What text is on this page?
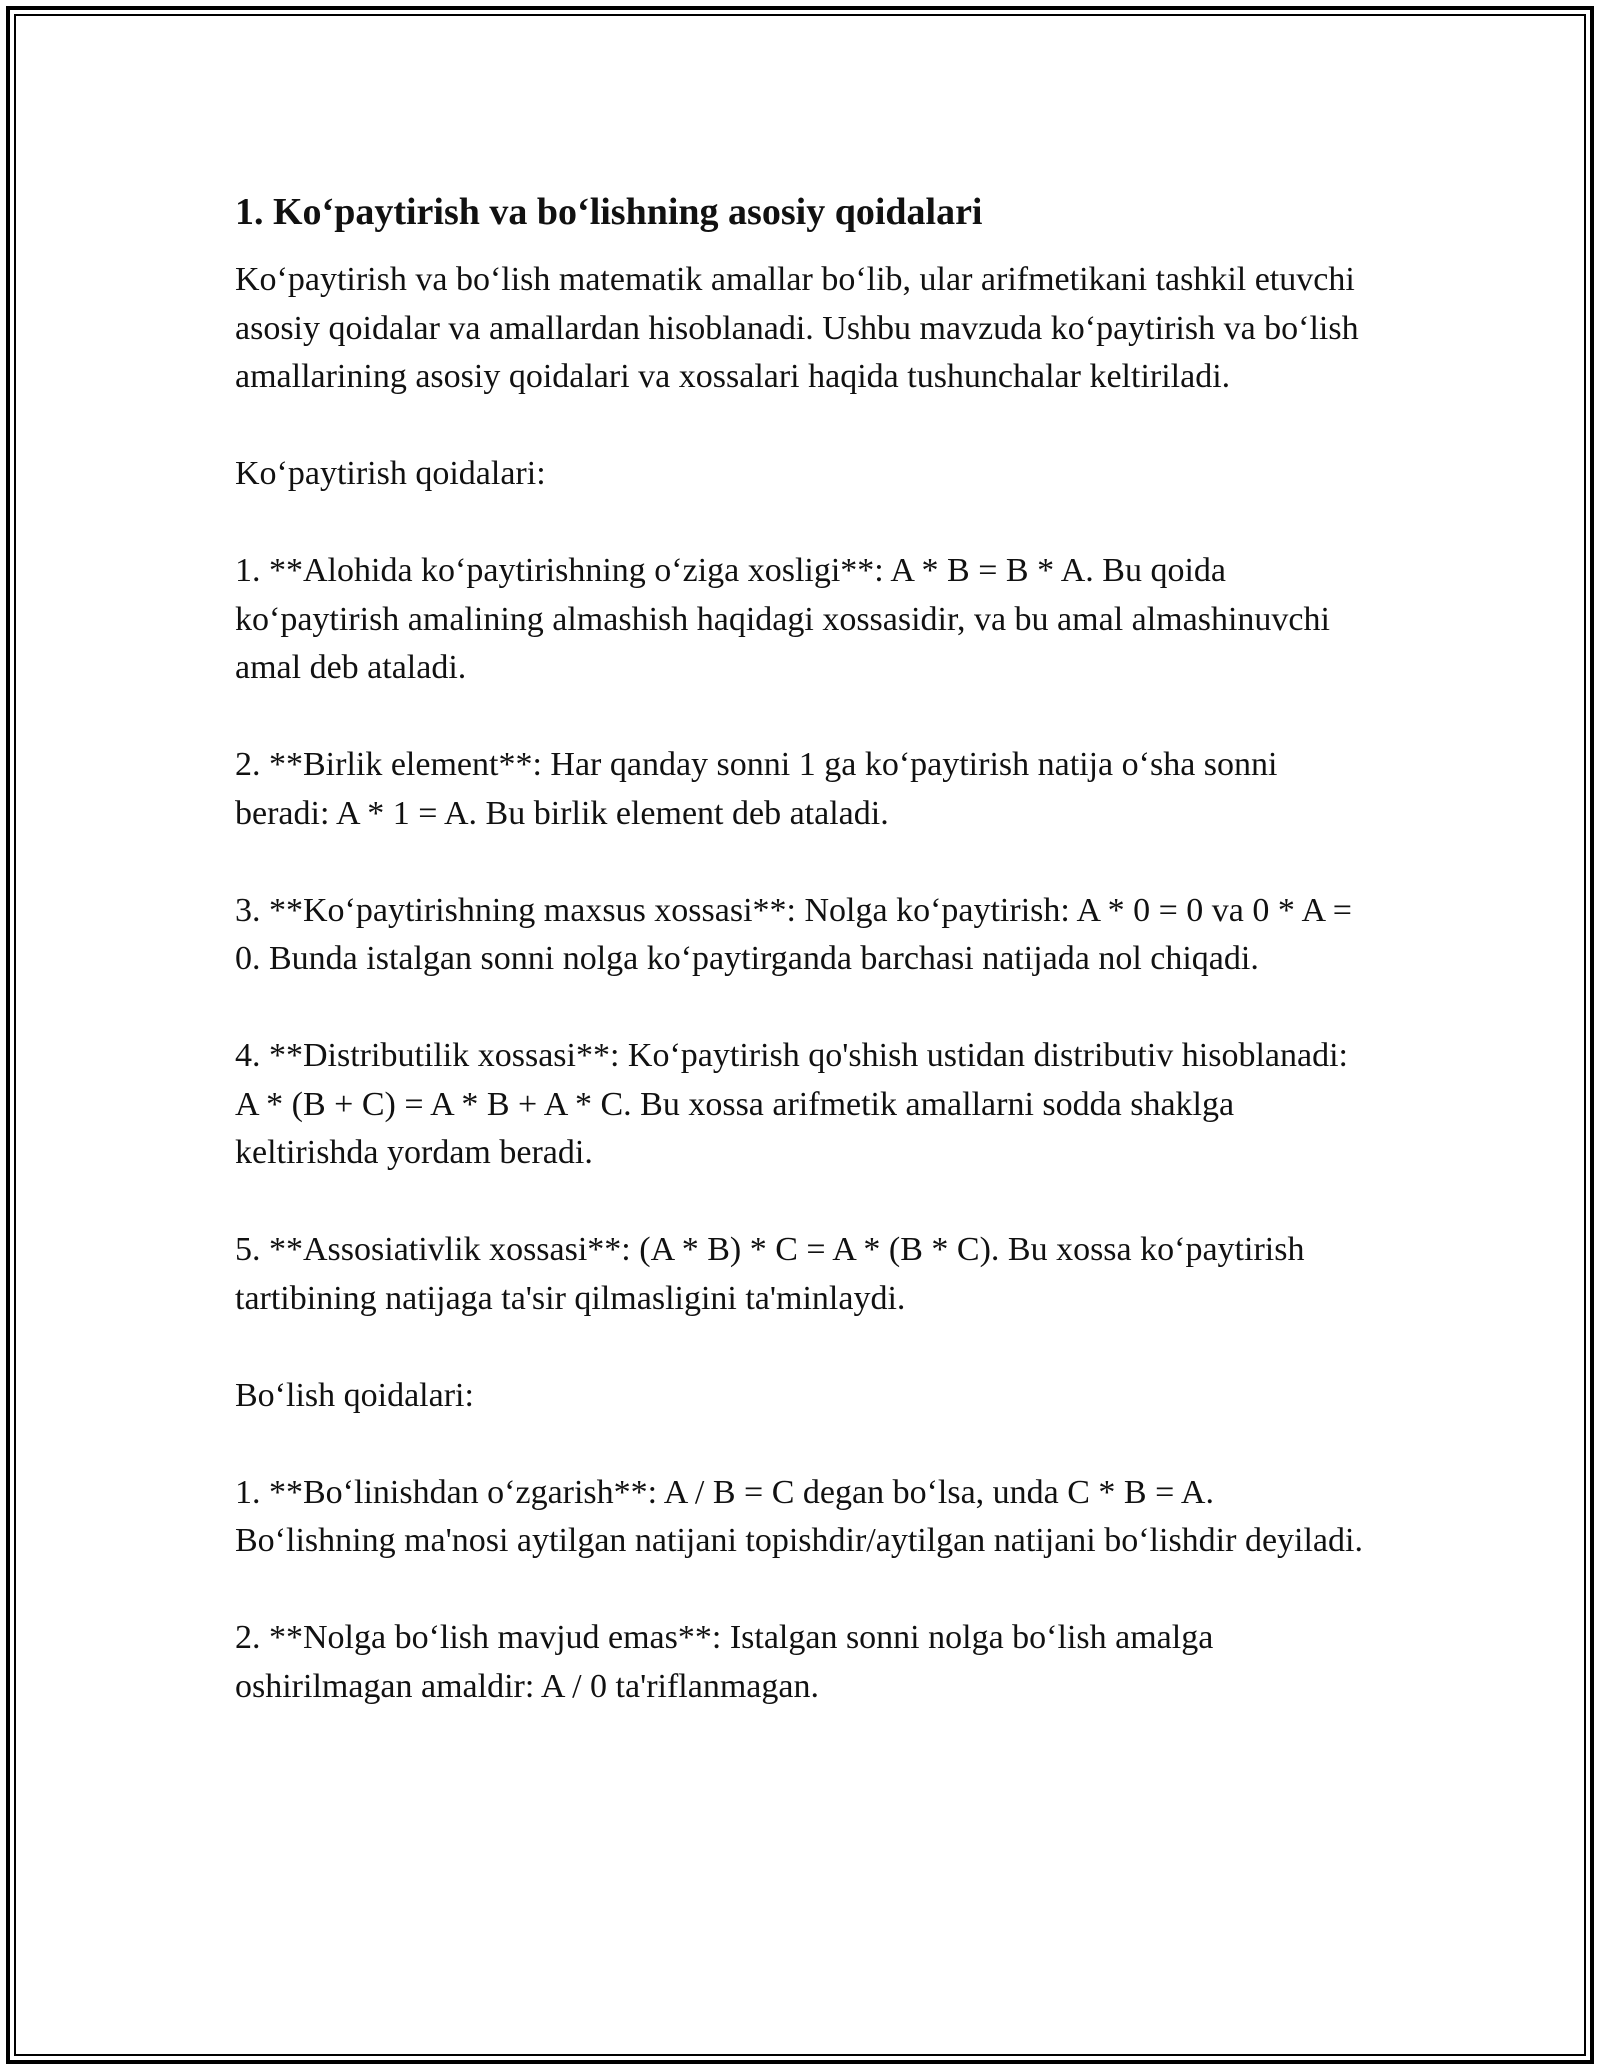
1. Ko‘paytirish va bo‘lishning asosiy qoidalari

Ko‘paytirish va bo‘lish matematik amallar bo‘lib, ular arifmetikani tashkil etuvchi asosiy qoidalar va amallardan hisoblanadi. Ushbu mavzuda ko‘paytirish va bo‘lish amallarining asosiy qoidalari va xossalari haqida tushunchalar keltiriladi.

Ko‘paytirish qoidalari:

1. **Alohida ko‘paytirishning o‘ziga xosligi**: A * B = B * A. Bu qoida ko‘paytirish amalining almashish haqidagi xossasidir, va bu amal almashinuvchi amal deb ataladi.

2. **Birlik element**: Har qanday sonni 1 ga ko‘paytirish natija o‘sha sonni beradi: A * 1 = A. Bu birlik element deb ataladi.

3. **Ko‘paytirishning maxsus xossasi**: Nolga ko‘paytirish: A * 0 = 0 va 0 * A = 0. Bunda istalgan sonni nolga ko‘paytirganda barchasi natijada nol chiqadi.

4. **Distributilik xossasi**: Ko‘paytirish qo'shish ustidan distributiv hisoblanadi: A * (B + C) = A * B + A * C. Bu xossa arifmetik amallarni sodda shaklga keltirishda yordam beradi.

5. **Assosiativlik xossasi**: (A * B) * C = A * (B * C). Bu xossa ko‘paytirish tartibining natijaga ta'sir qilmasligini ta'minlaydi.

Bo‘lish qoidalari:

1. **Bo‘linishdan o‘zgarish**: A / B = C degan bo‘lsa, unda C * B = A. Bo‘lishning ma'nosi aytilgan natijani topishdir/aytilgan natijani bo‘lishdir deyiladi.

2. **Nolga bo‘lish mavjud emas**: Istalgan sonni nolga bo‘lish amalga oshirilmagan amaldir: A / 0 ta'riflanmagan.
